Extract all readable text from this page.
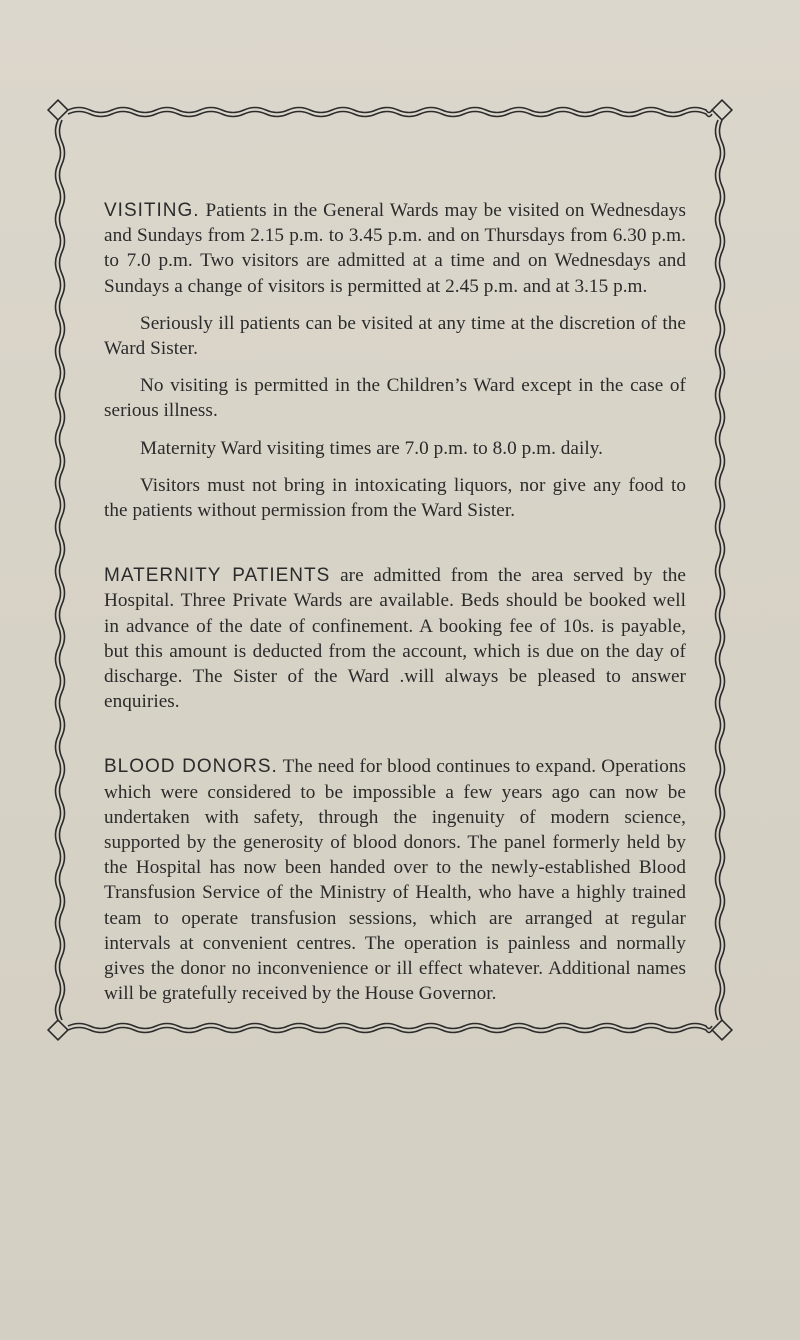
VISITING. Patients in the General Wards may be visited on Wednesdays and Sundays from 2.15 p.m. to 3.45 p.m. and on Thursdays from 6.30 p.m. to 7.0 p.m. Two visitors are admitted at a time and on Wednesdays and Sundays a change of visitors is permitted at 2.45 p.m. and at 3.15 p.m.

Seriously ill patients can be visited at any time at the discretion of the Ward Sister.

No visiting is permitted in the Children’s Ward except in the case of serious illness.

Maternity Ward visiting times are 7.0 p.m. to 8.0 p.m. daily.

Visitors must not bring in intoxicating liquors, nor give any food to the patients without permission from the Ward Sister.

MATERNITY PATIENTS are admitted from the area served by the Hospital. Three Private Wards are available. Beds should be booked well in advance of the date of confinement. A booking fee of 10s. is payable, but this amount is deducted from the account, which is due on the day of discharge. The Sister of the Ward .will always be pleased to answer enquiries.

BLOOD DONORS. The need for blood continues to expand. Operations which were considered to be impossible a few years ago can now be undertaken with safety, through the ingenuity of modern science, supported by the generosity of blood donors. The panel formerly held by the Hospital has now been handed over to the newly-established Blood Transfusion Service of the Ministry of Health, who have a highly trained team to operate transfusion sessions, which are arranged at regular intervals at convenient centres. The operation is painless and normally gives the donor no inconvenience or ill effect whatever. Additional names will be gratefully received by the House Governor.
